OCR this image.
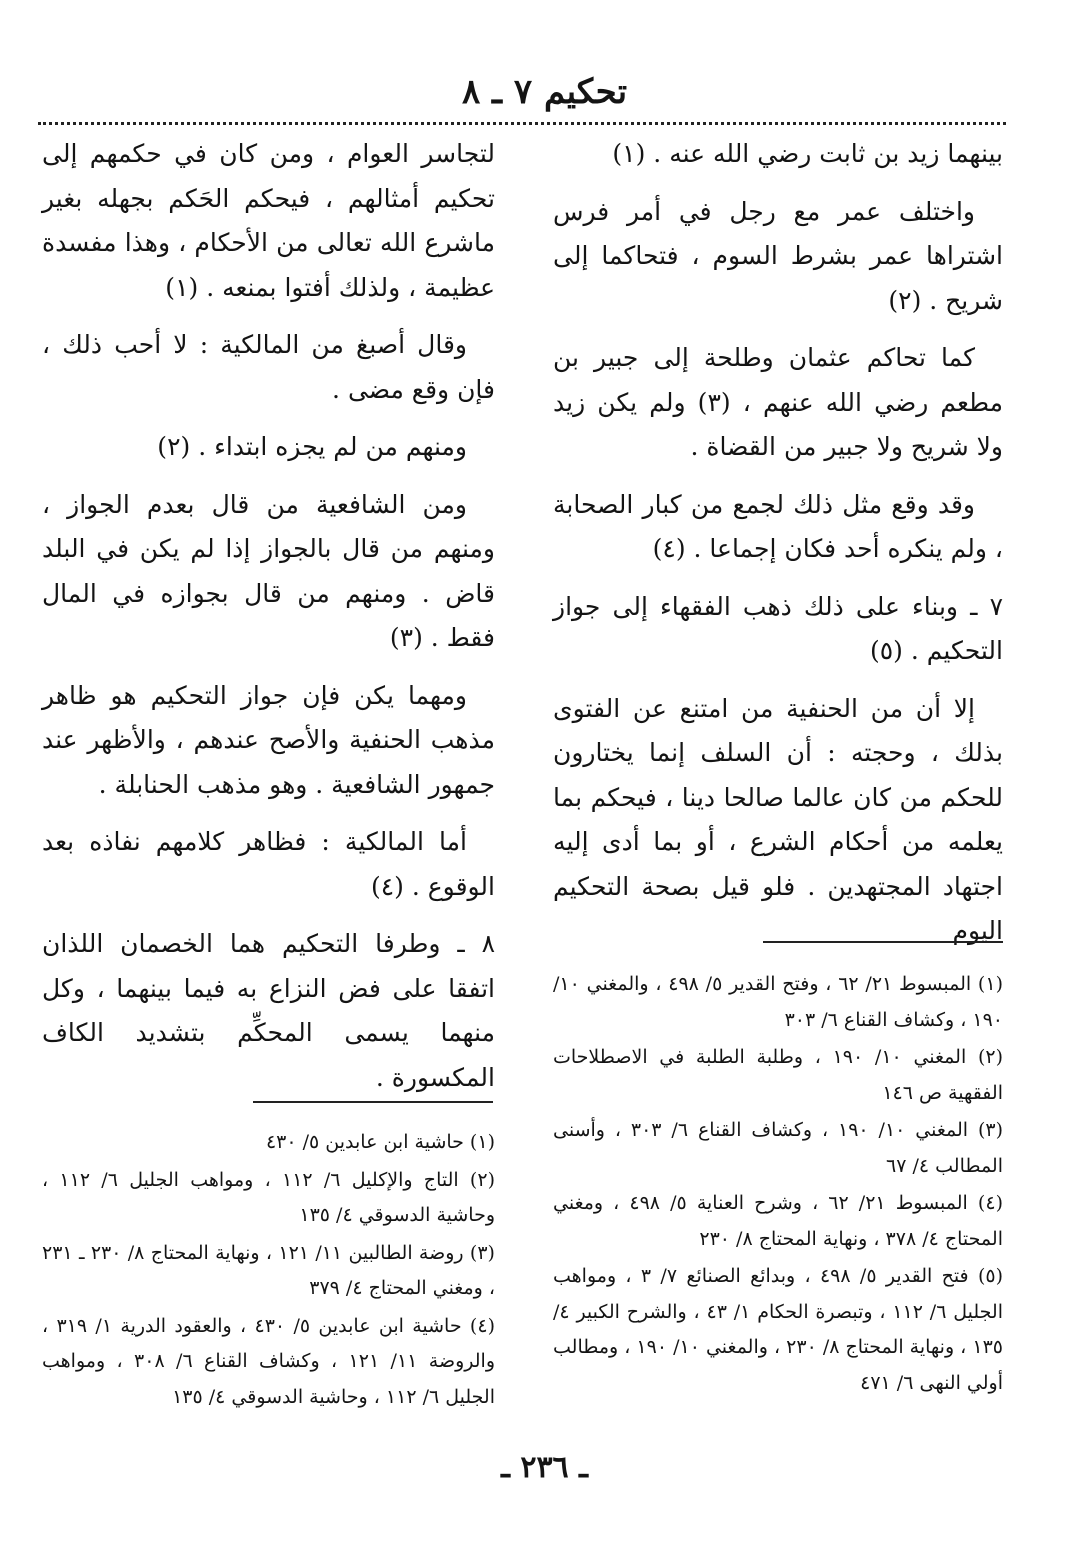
تحكيم ٧ ـ ٨

بينهما زيد بن ثابت رضي الله عنه . (١)

واختلف عمر مع رجل في أمر فرس اشتراها عمر بشرط السوم ، فتحاكما إلى شريح . (٢)

كما تحاكم عثمان وطلحة إلى جبير بن مطعم رضي الله عنهم ، (٣) ولم يكن زيد ولا شريح ولا جبير من القضاة .

وقد وقع مثل ذلك لجمع من كبار الصحابة ، ولم ينكره أحد فكان إجماعا . (٤)

٧ ـ وبناء على ذلك ذهب الفقهاء إلى جواز التحكيم . (٥)

إلا أن من الحنفية من امتنع عن الفتوى بذلك ، وحجته : أن السلف إنما يختارون للحكم من كان عالما صالحا دينا ، فيحكم بما يعلمه من أحكام الشرع ، أو بما أدى إليه اجتهاد المجتهدين . فلو قيل بصحة التحكيم اليوم

لتجاسر العوام ، ومن كان في حكمهم إلى تحكيم أمثالهم ، فيحكم الحَكم بجهله بغير ماشرع الله تعالى من الأحكام ، وهذا مفسدة عظيمة ، ولذلك أفتوا بمنعه . (١)

وقال أصبغ من المالكية : لا أحب ذلك ، فإن وقع مضى .

ومنهم من لم يجزه ابتداء . (٢)

ومن الشافعية من قال بعدم الجواز ، ومنهم من قال بالجواز إذا لم يكن في البلد قاض . ومنهم من قال بجوازه في المال فقط . (٣)

ومهما يكن فإن جواز التحكيم هو ظاهر مذهب الحنفية والأصح عندهم ، والأظهر عند جمهور الشافعية . وهو مذهب الحنابلة .

أما المالكية : فظاهر كلامهم نفاذه بعد الوقوع . (٤)

٨ ـ وطرفا التحكيم هما الخصمان اللذان اتفقا على فض النزاع به فيما بينهما ، وكل منهما يسمى المحكِّم بتشديد الكاف المكسورة .

(١) المبسوط ٢١/ ٦٢ ، وفتح القدير ٥/ ٤٩٨ ، والمغني ١٠/ ١٩٠ ، وكشاف القناع ٦/ ٣٠٣

(٢) المغني ١٠/ ١٩٠ ، وطلبة الطلبة في الاصطلاحات الفقهية ص ١٤٦

(٣) المغني ١٠/ ١٩٠ ، وكشاف القناع ٦/ ٣٠٣ ، وأسنى المطالب ٤/ ٦٧

(٤) المبسوط ٢١/ ٦٢ ، وشرح العناية ٥/ ٤٩٨ ، ومغني المحتاج ٤/ ٣٧٨ ، ونهاية المحتاج ٨/ ٢٣٠

(٥) فتح القدير ٥/ ٤٩٨ ، وبدائع الصنائع ٧/ ٣ ، ومواهب الجليل ٦/ ١١٢ ، وتبصرة الحكام ١/ ٤٣ ، والشرح الكبير ٤/ ١٣٥ ، ونهاية المحتاج ٨/ ٢٣٠ ، والمغني ١٠/ ١٩٠ ، ومطالب أولي النهى ٦/ ٤٧١

(١) حاشية ابن عابدين ٥/ ٤٣٠

(٢) التاج والإكليل ٦/ ١١٢ ، ومواهب الجليل ٦/ ١١٢ ، وحاشية الدسوقي ٤/ ١٣٥

(٣) روضة الطالبين ١١/ ١٢١ ، ونهاية المحتاج ٨/ ٢٣٠ ـ ٢٣١ ، ومغني المحتاج ٤/ ٣٧٩

(٤) حاشية ابن عابدين ٥/ ٤٣٠ ، والعقود الدرية ١/ ٣١٩ ، والروضة ١١/ ١٢١ ، وكشاف القناع ٦/ ٣٠٨ ، ومواهب الجليل ٦/ ١١٢ ، وحاشية الدسوقي ٤/ ١٣٥

ـ ٢٣٦ ـ
